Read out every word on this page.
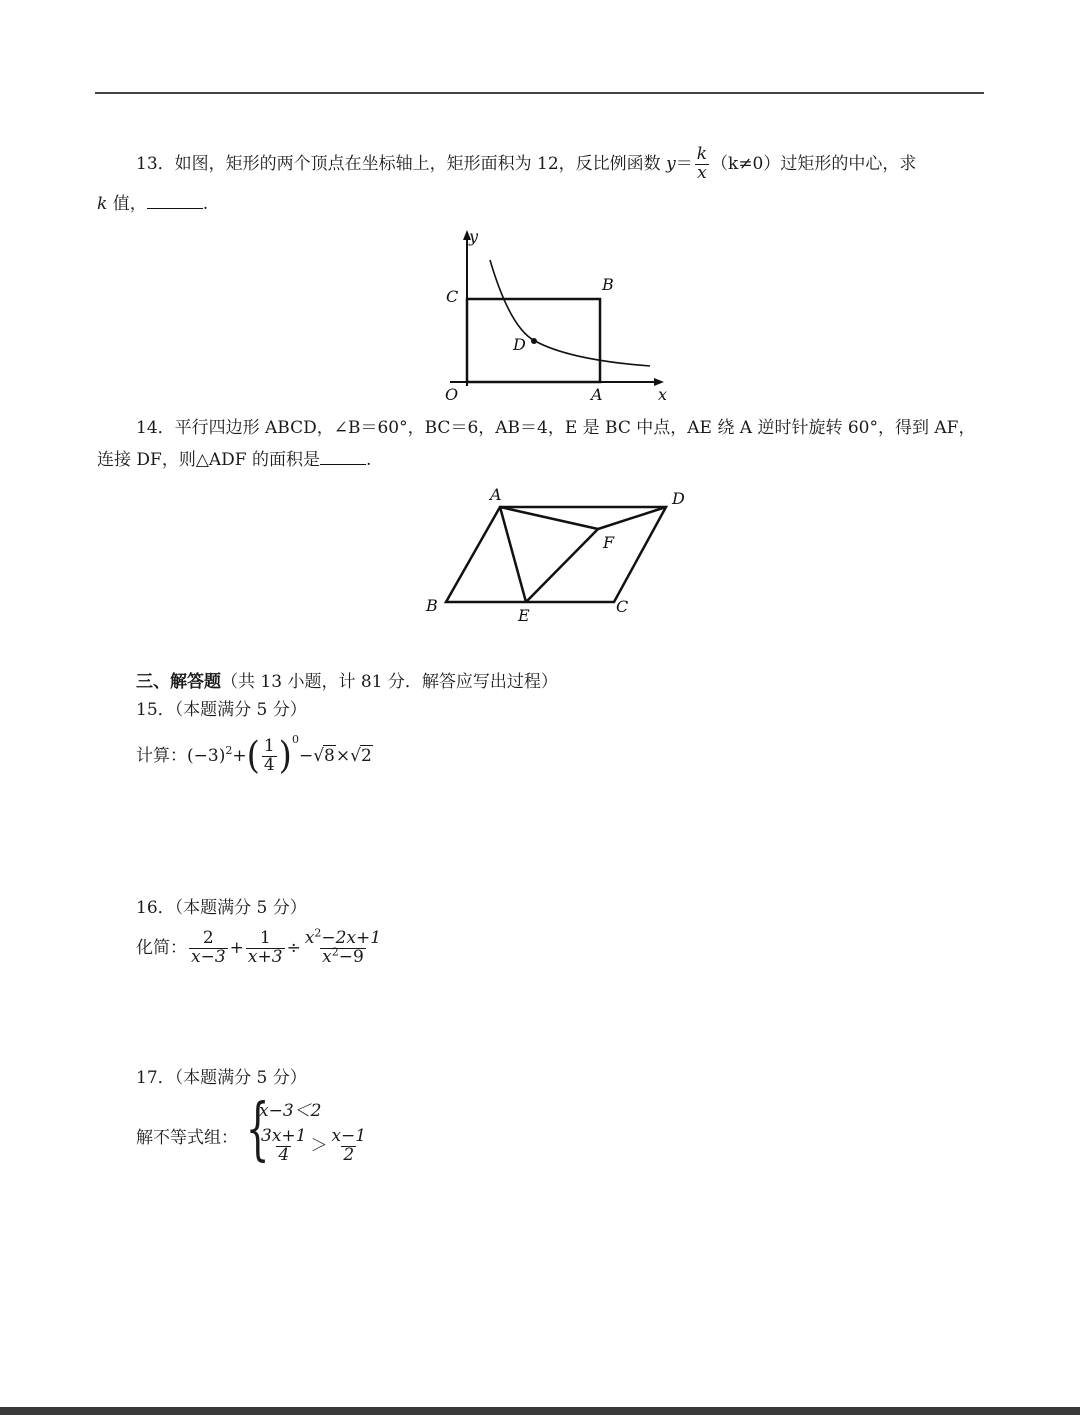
13．如图，矩形的两个顶点在坐标轴上，矩形面积为 12，反比例函数 $y= \frac{k}{x} (k\ne 0)$过矩形的中心，求
k 值，	.
y
C
B
D
O	A	x
14．平行四边形 ABCD，∠B＝60°，BC＝6，AB＝4，E 是 BC 中点，AE 绕 A 逆时针旋转 60°，得到 AF，
连接 DF，则△ADF 的面积是	.
A	D
F
B
E	C
三、解答题（共 13 小题，计 81 分．解答应写出过程）
15．（本题满分 5 分）
计算：$(-3)^2+( \frac{1}{4} )^0-√8\times√2$
16．（本题满分 5 分）
化简： $\frac{2}{x-3} + \frac{1}{x+3} \div \frac{x^2-2x+1}{x^2-9}$
17．（本题满分 5 分）
解不等式组： {
x−3＜2
$\frac{3x+1}{4} > \frac{x-1}{2}$
